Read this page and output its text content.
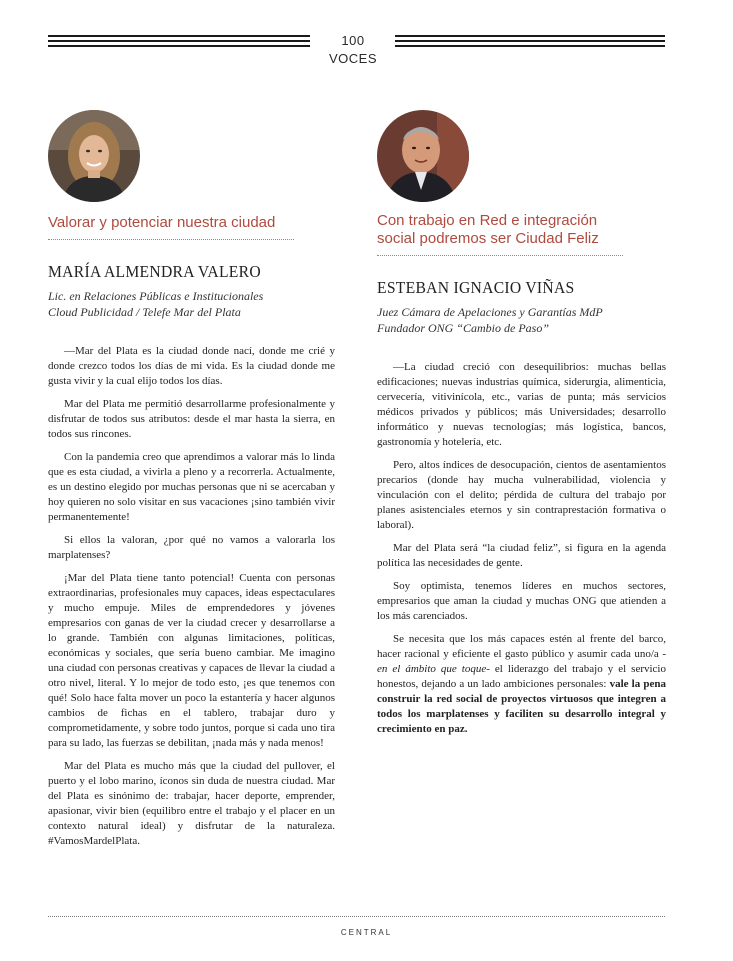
100 VOCES
Valorar y potenciar nuestra ciudad
MARÍA ALMENDRA VALERO
Lic. en Relaciones Públicas e Institucionales
Cloud Publicidad / Telefe Mar del Plata

—Mar del Plata es la ciudad donde nací, donde me crié y donde crezco todos los días de mi vida. Es la ciudad donde me gusta vivir y la cual elijo todos los días.

Mar del Plata me permitió desarrollarme profesionalmente y disfrutar de todos sus atributos: desde el mar hasta la sierra, en todos sus rincones.

Con la pandemia creo que aprendimos a valorar más lo linda que es esta ciudad, a vivirla a pleno y a recorrerla. Actualmente, es un destino elegido por muchas personas que ni se acercaban y hoy quieren no solo visitar en sus vacaciones ¡sino también vivir permanentemente!

Si ellos la valoran, ¿por qué no vamos a valorarla los marplatenses?

¡Mar del Plata tiene tanto potencial! Cuenta con personas extraordinarias, profesionales muy capaces, ideas espectaculares y mucho empuje. Miles de emprendedores y jóvenes empresarios con ganas de ver la ciudad crecer y desarrollarse a lo grande. También con algunas limitaciones, políticas, económicas y sociales, que sería bueno cambiar. Me imagino una ciudad con personas creativas y capaces de llevar la ciudad a otro nivel, literal. Y lo mejor de todo esto, ¡es que tenemos con qué! Solo hace falta mover un poco la estantería y hacer algunos cambios de fichas en el tablero, trabajar duro y comprometidamente, y sobre todo juntos, porque si cada uno tira para su lado, las fuerzas se debilitan, ¡nada más y nada menos!

Mar del Plata es mucho más que la ciudad del pullover, el puerto y el lobo marino, íconos sin duda de nuestra ciudad. Mar del Plata es sinónimo de: trabajar, hacer deporte, emprender, apasionar, vivir bien (equilibro entre el trabajo y el placer en un contexto natural ideal) y disfrutar de la naturaleza. #VamosMardelPlata.

Con trabajo en Red e integración
social podremos ser Ciudad Feliz
ESTEBAN IGNACIO VIÑAS
Juez Cámara de Apelaciones y Garantías MdP
Fundador ONG “Cambio de Paso”

—La ciudad creció con desequilibrios: muchas bellas edificaciones; nuevas industrias química, siderurgia, alimenticia, cervecería, vitivinícola, etc., varias de punta; más servicios médicos privados y públicos; más Universidades; desarrollo informático y nuevas tecnologías; más logística, bancos, gastronomía y hotelería, etc.

Pero, altos índices de desocupación, cientos de asentamientos precarios (donde hay mucha vulnerabilidad, violencia y vinculación con el delito; pérdida de cultura del trabajo por planes asistenciales eternos y sin contraprestación formativa o laboral).

Mar del Plata será “la ciudad feliz”, si figura en la agenda política las necesidades de gente.

Soy optimista, tenemos líderes en muchos sectores, empresarios que aman la ciudad y muchas ONG que atienden a los más carenciados.

Se necesita que los más capaces estén al frente del barco, hacer racional y eficiente el gasto público y asumir cada uno/a -en el ámbito que toque- el liderazgo del trabajo y el servicio honestos, dejando a un lado ambiciones personales: vale la pena construir la red social de proyectos virtuosos que integren a todos los marplatenses y faciliten su desarrollo integral y crecimiento en paz.

CENTRAL
